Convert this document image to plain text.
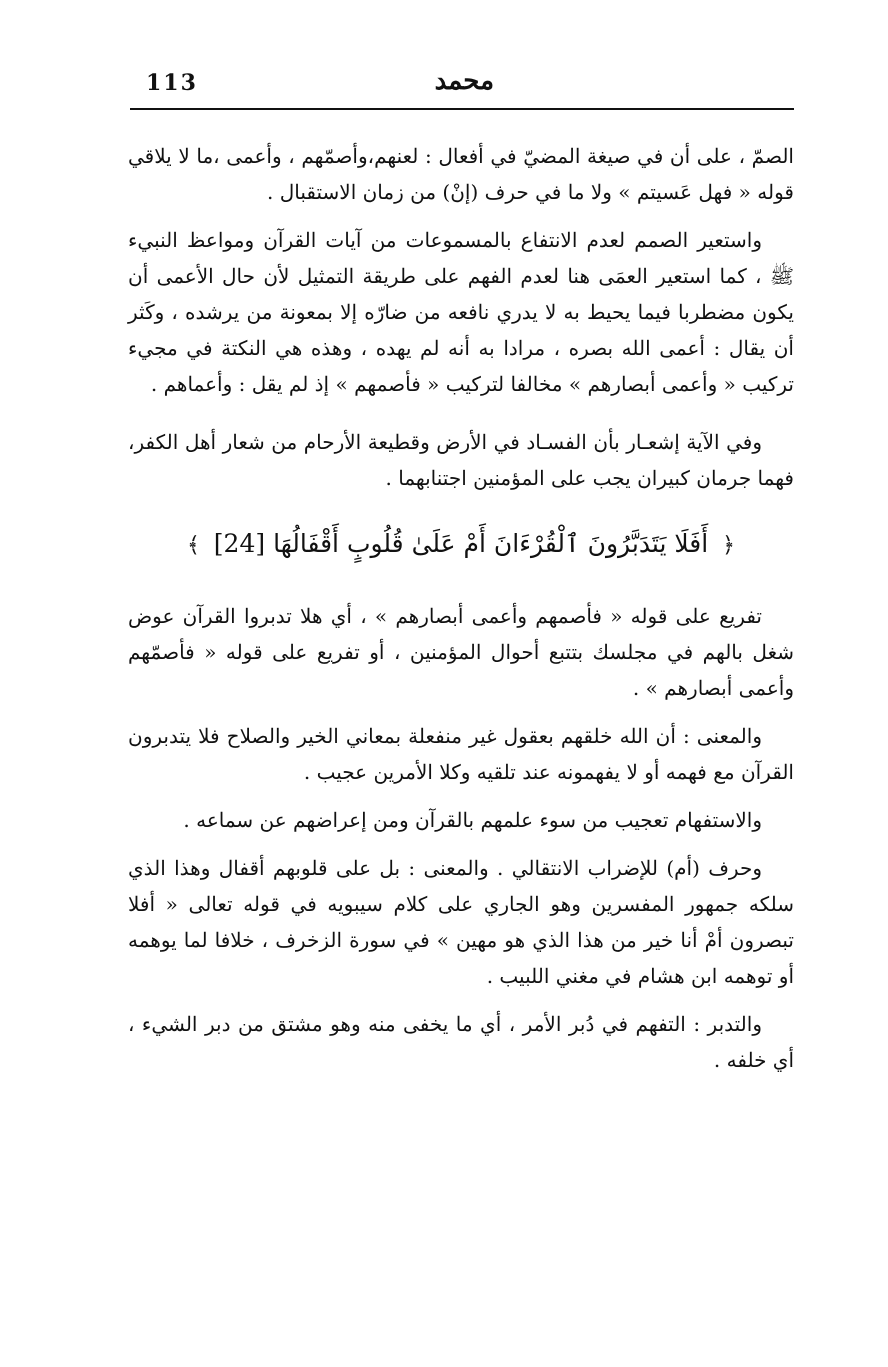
113	محمد

الصمّ ، على أن في صيغة المضيّ في أفعال : لعنهم،وأصمّهم ، وأعمى ،ما لا يلاقي قوله « فهل عَسيتم » ولا ما في حرف (إنْ) من زمان الاستقبال .

واستعير الصمم لعدم الانتفاع بالمسموعات من آيات القرآن ومواعظ النبيء ﷺ ، كما استعير العمَى هنا لعدم الفهم على طريقة التمثيل لأن حال الأعمى أن يكون مضطربا فيما يحيط به لا يدري نافعه من ضارّه إلا بمعونة من يرشده ، وكَثر أن يقال : أعمى الله بصره ، مرادا به أنه لم يهده ، وهذه هي النكتة في مجيء تركيب « وأعمى أبصارهم » مخالفا لتركيب « فأصمهم » إذ لم يقل : وأعماهم .

وفي الآية إشعـار بأن الفسـاد في الأرض وقطيعة الأرحام من شعار أهل الكفر، فهما جرمان كبيران يجب على المؤمنين اجتنابهما .

﴿ أَفَلَا يَتَدَبَّرُونَ ٱلْقُرْءَانَ أَمْ عَلَىٰ قُلُوبٍ أَقْفَالُهَا [24] ﴾

تفريع على قوله « فأصمهم وأعمى أبصارهم » ، أي هلا تدبروا القرآن عوض شغل بالهم في مجلسك بتتبع أحوال المؤمنين ، أو تفريع على قوله « فأصمّهم وأعمى أبصارهم » .

والمعنى : أن الله خلقهم بعقول غير منفعلة بمعاني الخير والصلاح فلا يتدبرون القرآن مع فهمه أو لا يفهمونه عند تلقيه وكلا الأمرين عجيب .

والاستفهام تعجيب من سوء علمهم بالقرآن ومن إعراضهم عن سماعه .

وحرف (أم) للإضراب الانتقالي . والمعنى : بل على قلوبهم أقفال وهذا الذي سلكه جمهور المفسرين وهو الجاري على كلام سيبويه في قوله تعالى « أفلا تبصرون أمْ أنا خير من هذا الذي هو مهين » في سورة الزخرف ، خلافا لما يوهمه أو توهمه ابن هشام في مغني اللبيب .

والتدبر : التفهم في دُبر الأمر ، أي ما يخفى منه وهو مشتق من دبر الشيء ، أي خلفه .
